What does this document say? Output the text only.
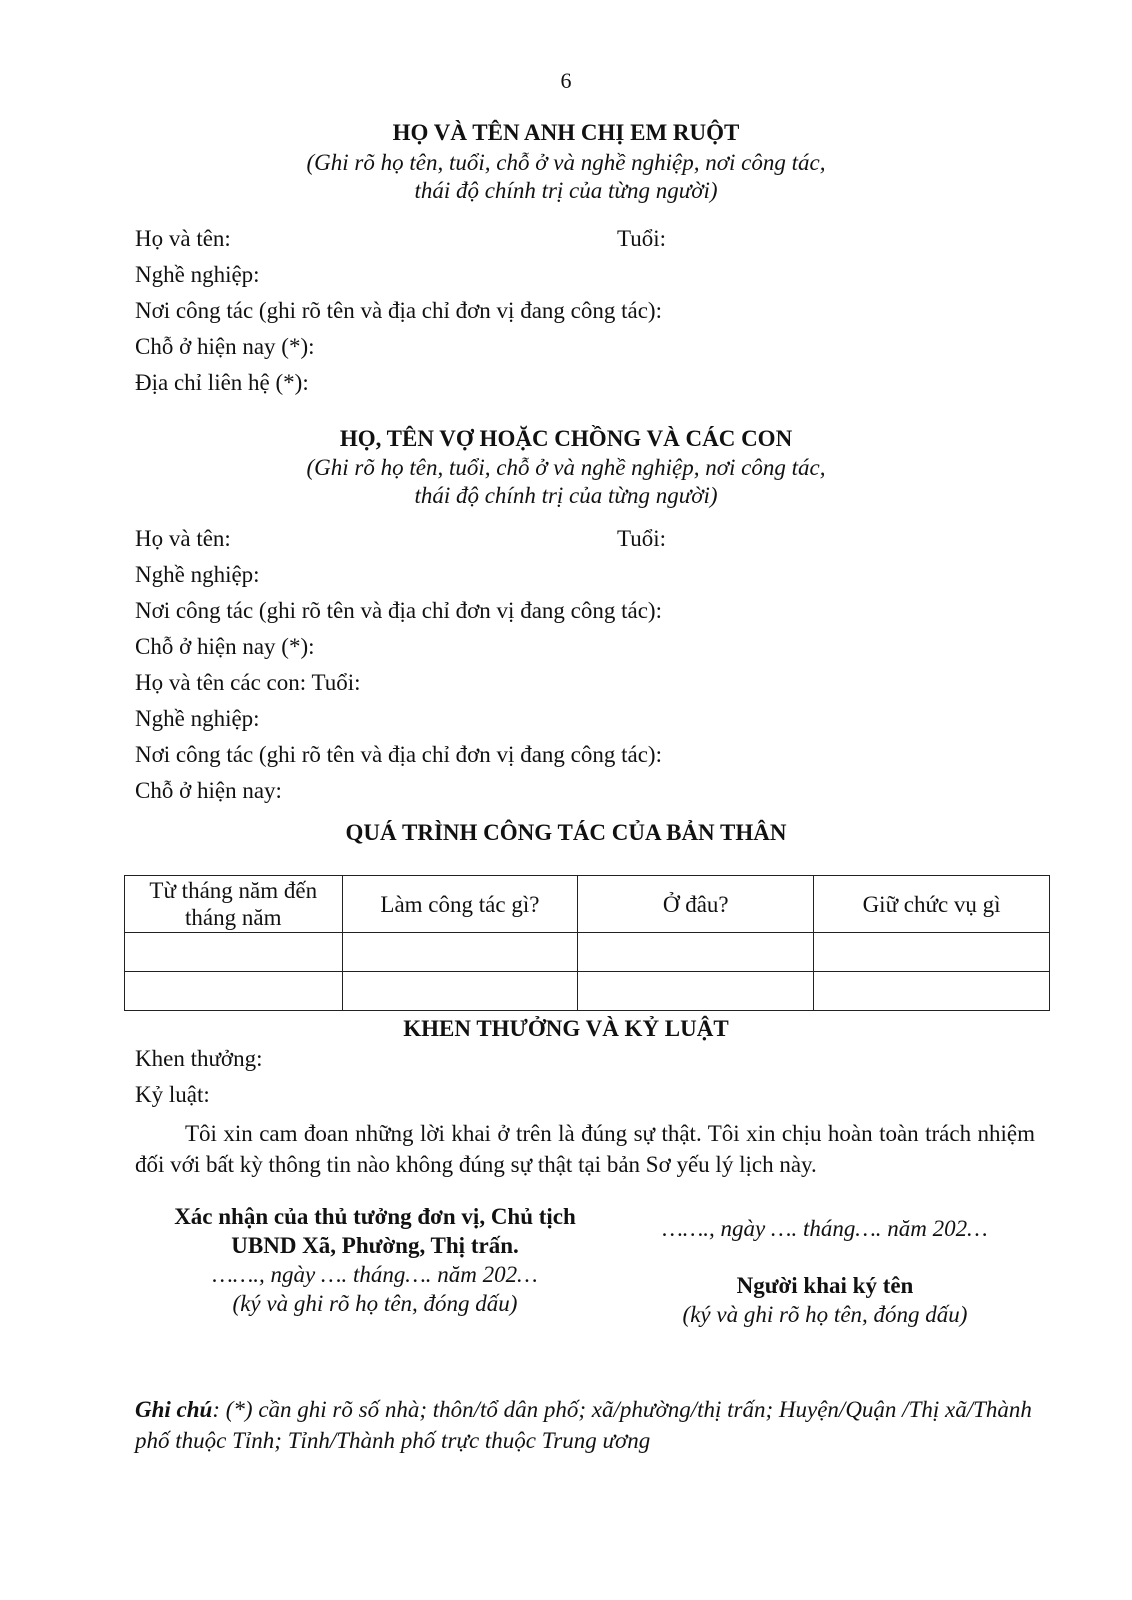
6
HỌ VÀ TÊN ANH CHỊ EM RUỘT
(Ghi rõ họ tên, tuổi, chỗ ở và nghề nghiệp, nơi công tác,
thái độ chính trị của từng người)
Họ và tên:	Tuổi:
Nghề nghiệp:
Nơi công tác (ghi rõ tên và địa chỉ đơn vị đang công tác):
Chỗ ở hiện nay (*):
Địa chỉ liên hệ (*):
HỌ, TÊN VỢ HOẶC CHỒNG VÀ CÁC CON
(Ghi rõ họ tên, tuổi, chỗ ở và nghề nghiệp, nơi công tác,
thái độ chính trị của từng người)
Họ và tên:	Tuổi:
Nghề nghiệp:
Nơi công tác (ghi rõ tên và địa chỉ đơn vị đang công tác):
Chỗ ở hiện nay (*):
Họ và tên các con: Tuổi:
Nghề nghiệp:
Nơi công tác (ghi rõ tên và địa chỉ đơn vị đang công tác):
Chỗ ở hiện nay:
QUÁ TRÌNH CÔNG TÁC CỦA BẢN THÂN
Từ tháng năm đến tháng năm	Làm công tác gì?	Ở đâu?	Giữ chức vụ gì

KHEN THƯỞNG VÀ KỶ LUẬT
Khen thưởng:
Kỷ luật:
Tôi xin cam đoan những lời khai ở trên là đúng sự thật. Tôi xin chịu hoàn toàn trách nhiệm đối với bất kỳ thông tin nào không đúng sự thật tại bản Sơ yếu lý lịch này.
Xác nhận của thủ tưởng đơn vị, Chủ tịch
UBND Xã, Phường, Thị trấn.
……., ngày …. tháng…. năm 202…
(ký và ghi rõ họ tên, đóng dấu)
……., ngày …. tháng…. năm 202…
Người khai ký tên
(ký và ghi rõ họ tên, đóng dấu)
Ghi chú: (*) cần ghi rõ số nhà; thôn/tổ dân phố; xã/phường/thị trấn; Huyện/Quận /Thị xã/Thành phố thuộc Tỉnh; Tỉnh/Thành phố trực thuộc Trung ương
